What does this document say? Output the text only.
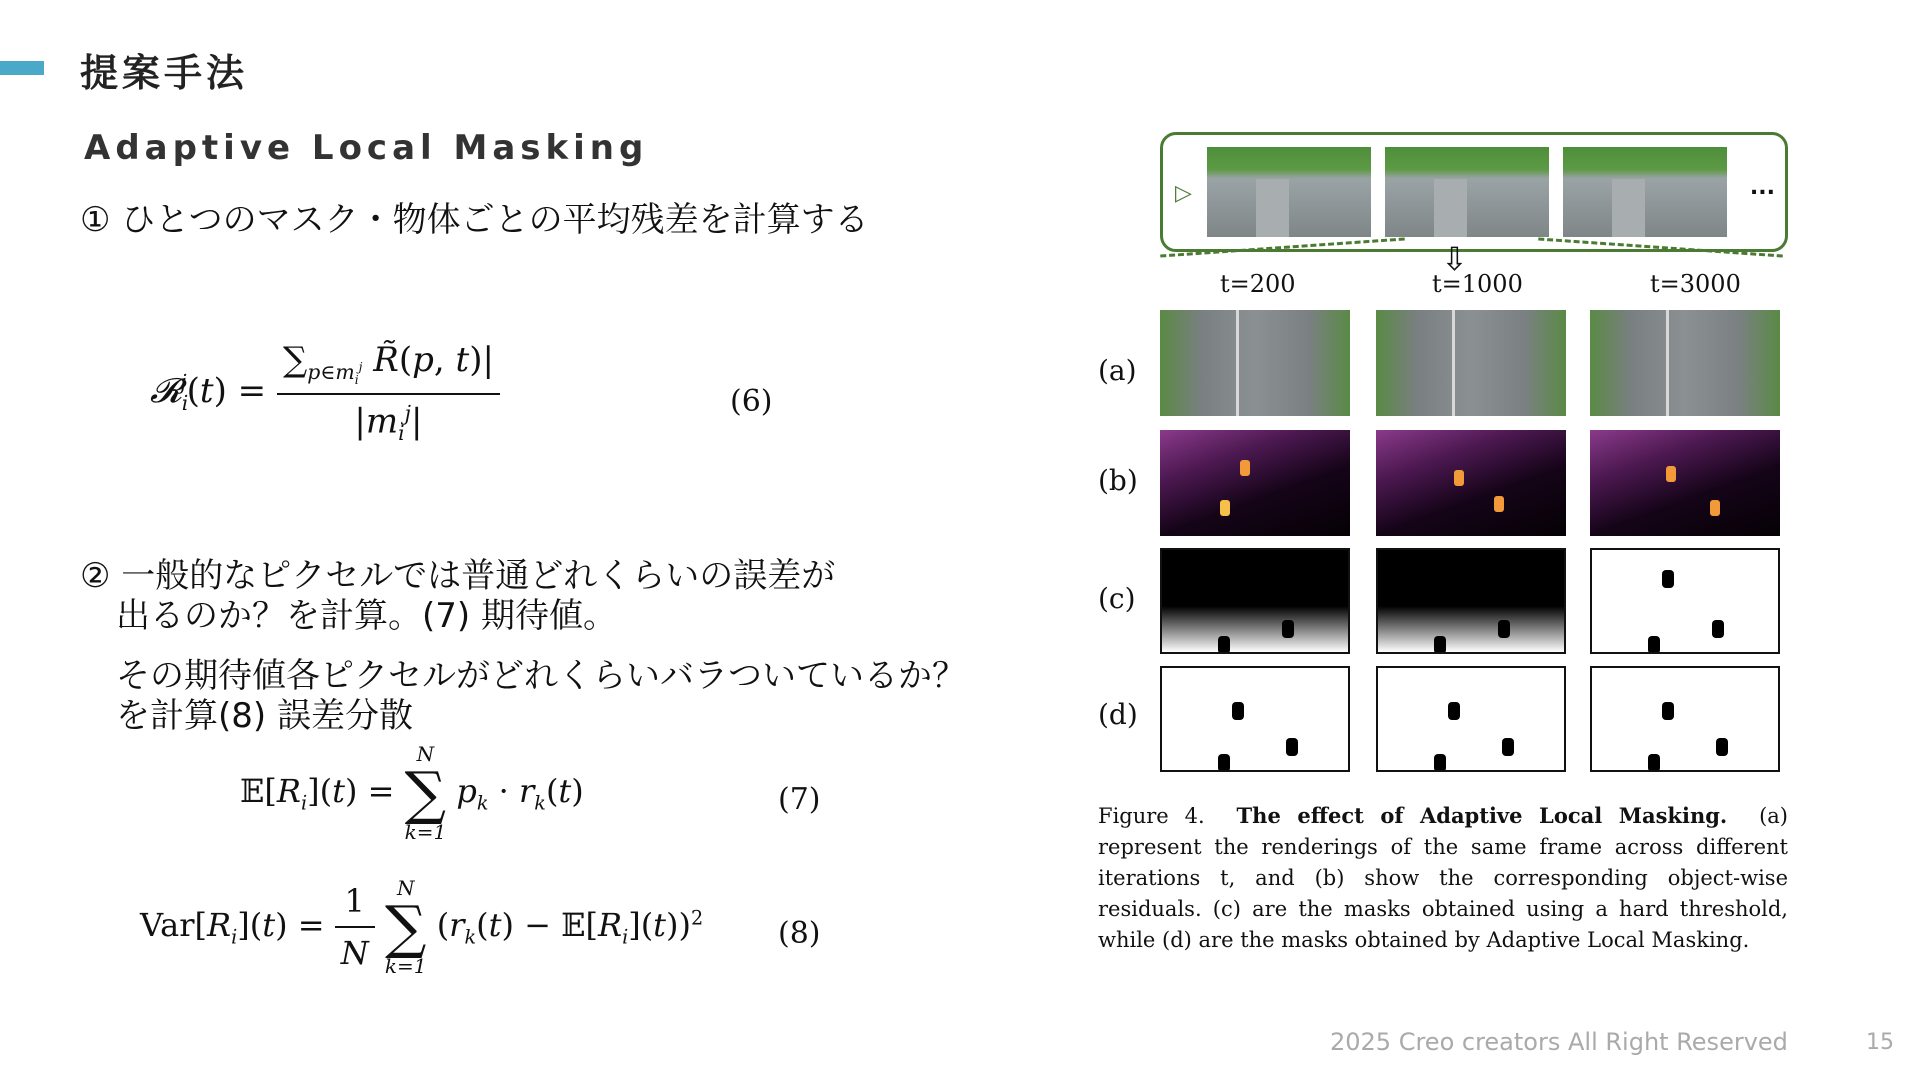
提案手法
Adaptive Local Masking
① ひとつのマスク・物体ごとの平均残差を計算する
𝓡$_i^j$(t) = $\frac{\sum_{p\in m_i^j} R̃(p, t)|}{|m_i^j|}$	(6)
② 一般的なピクセルでは普通どれくらいの誤差が
出るのか？を計算。(7) 期待値。
その期待値各ピクセルがどれくらいバラついているか？
を計算(8) 誤差分散
$𝔼[R_i](t)$ =
N
∑
k=1
$p_k \cdot r_k(t)$	(7)
$Var[R_i](t) = \frac{1}{N}$
	N
∑
k=1
($r_k(t)$ − $𝔼[R_i](t))^2$ (8)
▷	...
⇩
t=200	t=1000	t=3000
(a)
(b)
(c)
(d)
Figure 4. The effect of Adaptive Local Masking. (a) represent the renderings of the same frame across different iterations t, and (b) show the corresponding object-wise residuals. (c) are the masks obtained using a hard threshold, while (d) are the masks obtained by Adaptive Local Masking.
2025 Creo creators All Right Reserved	15
